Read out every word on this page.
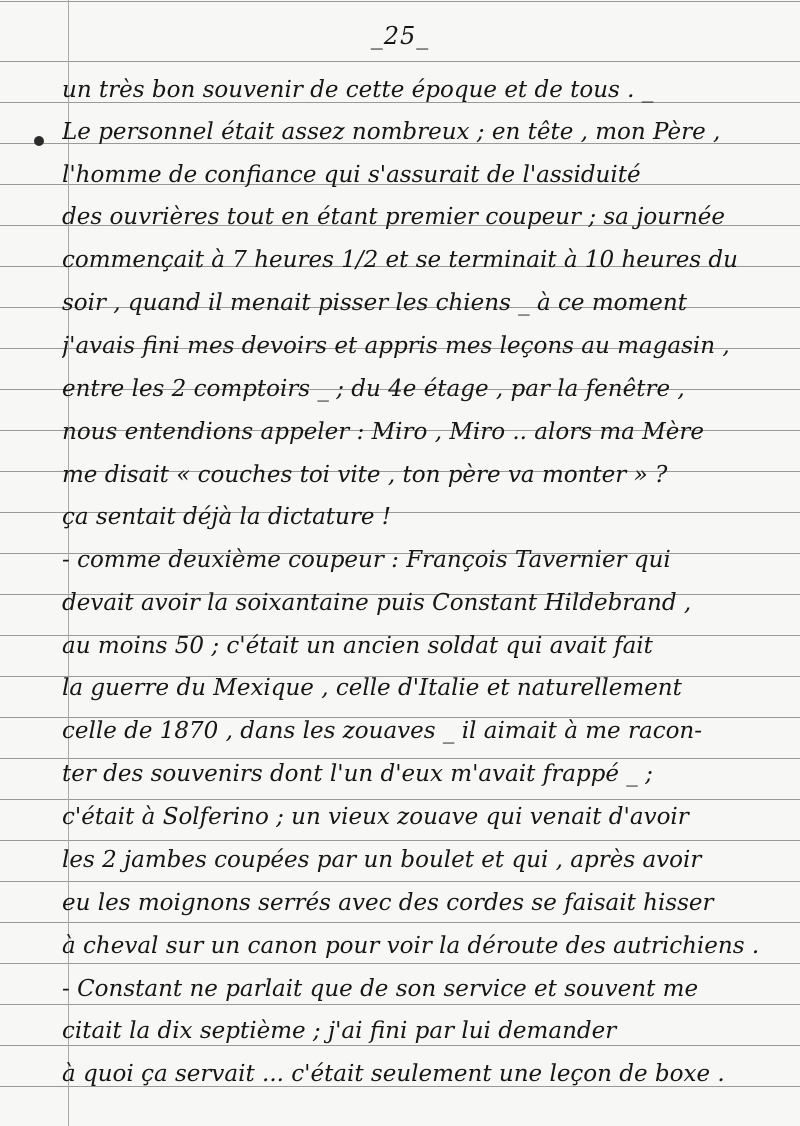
_25_
un très bon souvenir de cette époque et de tous . _
Le personnel était assez nombreux ; en tête , mon Père ,
l'homme de confiance qui s'assurait de l'assiduité
des ouvrières tout en étant premier coupeur ; sa journée
commençait à 7 heures 1/2 et se terminait à 10 heures du
soir , quand il menait pisser les chiens _ à ce moment
j'avais fini mes devoirs et appris mes leçons au magasin ,
entre les 2 comptoirs _ ; du 4e étage , par la fenêtre ,
nous entendions appeler : Miro , Miro .. alors ma Mère
me disait « couches toi vite , ton père va monter » ?
ça sentait déjà la dictature !
- comme deuxième coupeur : François Tavernier qui
devait avoir la soixantaine puis Constant Hildebrand ,
au moins 50 ; c'était un ancien soldat qui avait fait
la guerre du Mexique , celle d'Italie et naturellement
celle de 1870 , dans les zouaves _ il aimait à me racon-
ter des souvenirs dont l'un d'eux m'avait frappé _ ;
c'était à Solferino ; un vieux zouave qui venait d'avoir
les 2 jambes coupées par un boulet et qui , après avoir
eu les moignons serrés avec des cordes se faisait hisser
à cheval sur un canon pour voir la déroute des autrichiens .
- Constant ne parlait que de son service et souvent me
citait la dix septième ; j'ai fini par lui demander
à quoi ça servait ... c'était seulement une leçon de boxe .
